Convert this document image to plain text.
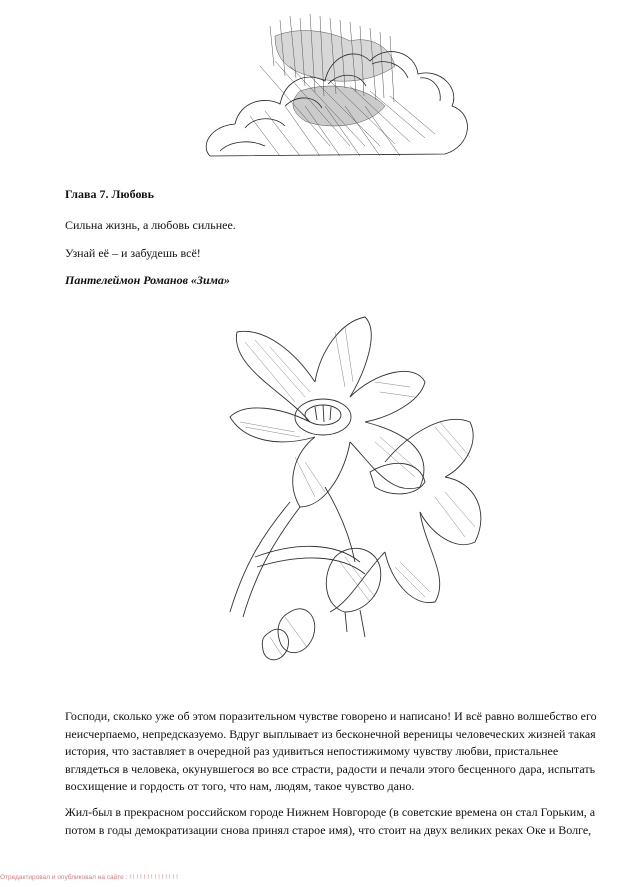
Глава 7. Любовь
Сильна жизнь, а любовь сильнее.
Узнай её – и забудешь всё!
Пантелеймон Романов «Зима»
Господи, сколько уже об этом поразительном чувстве говорено и написано! И всё равно волшебство его неисчерпаемо, непредсказуемо. Вдруг выплывает из бесконечной вереницы человеческих жизней такая история, что заставляет в очередной раз удивиться непостижимому чувству любви, пристальнее вглядеться в человека, окунувшегося во все страсти, радости и печали этого бесценного дара, испытать восхищение и гордость от того, что нам, людям, такое чувство дано.
Жил-был в прекрасном российском городе Нижнем Новгороде (в советские времена он стал Горьким, а потом в годы демократизации снова принял старое имя), что стоит на двух великих реках Оке и Волге,
Отредактировал и опубликовал на сайте : ! ! ! ! ! ! ! ! ! ! ! ! ! !
